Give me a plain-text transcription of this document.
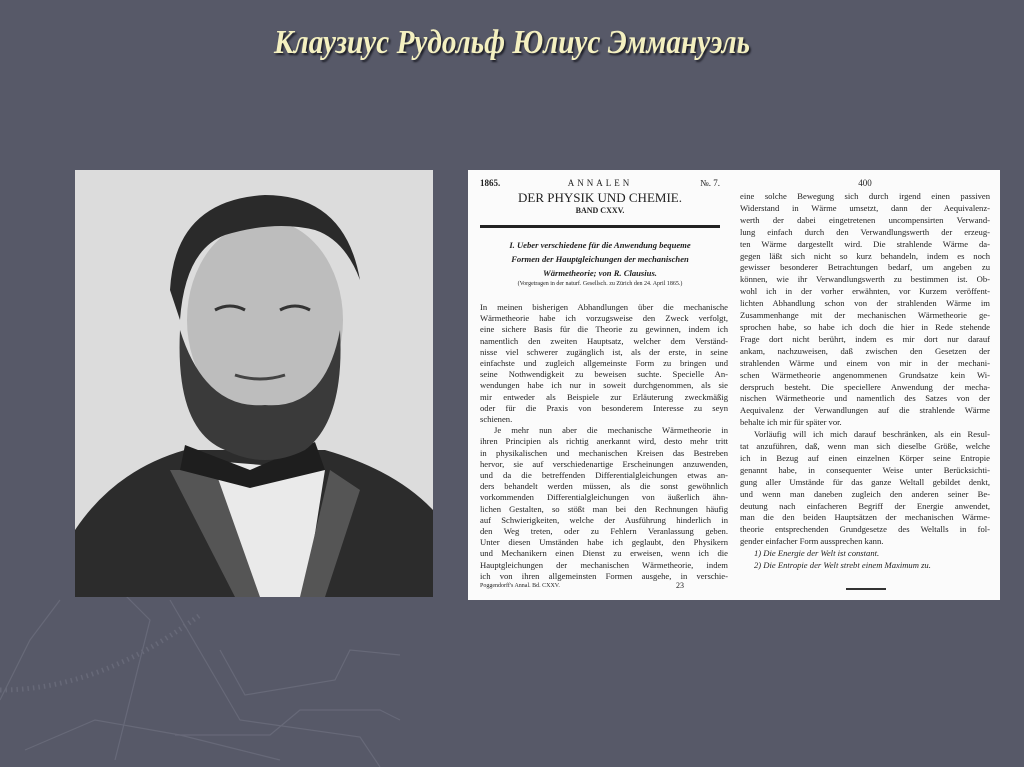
Клаузиус Рудольф Юлиус Эммануэль
1865.	ANNALEN	№. 7.
DER PHYSIK UND CHEMIE.
BAND CXXV.
I. Ueber verschiedene für die Anwendung bequeme
Formen der Hauptgleichungen der mechanischen
Wärmetheorie; von R. Clausius.
(Vorgetragen in der naturf. Gesellsch. zu Zürich den 24. April 1865.)
In meinen bisherigen Abhandlungen über die mechanische
Wärmetheorie habe ich vorzugsweise den Zweck verfolgt,
eine sichere Basis für die Theorie zu gewinnen, indem ich
namentlich den zweiten Hauptsatz, welcher dem Verständ-
nisse viel schwerer zugänglich ist, als der erste, in seine
einfachste und zugleich allgemeinste Form zu bringen und
seine Nothwendigkeit zu beweisen suchte. Specielle An-
wendungen habe ich nur in soweit durchgenommen, als sie
mir entweder als Beispiele zur Erläuterung zweckmäßig
oder für die Praxis von besonderem Interesse zu seyn
schienen.
Je mehr nun aber die mechanische Wärmetheorie in
ihren Principien als richtig anerkannt wird, desto mehr tritt
in physikalischen und mechanischen Kreisen das Bestreben
hervor, sie auf verschiedenartige Erscheinungen anzuwenden,
und da die betreffenden Differentialgleichungen etwas an-
ders behandelt werden müssen, als die sonst gewöhnlich
vorkommenden Differentialgleichungen von äußerlich ähn-
lichen Gestalten, so stößt man bei den Rechnungen häufig
auf Schwierigkeiten, welche der Ausführung hinderlich in
den Weg treten, oder zu Fehlern Veranlassung geben.
Unter diesen Umständen habe ich geglaubt, den Physikern
und Mechanikern einen Dienst zu erweisen, wenn ich die
Hauptgleichungen der mechanischen Wärmetheorie, indem
ich von ihren allgemeinsten Formen ausgehe, in verschie-
Poggendorff's Annal. Bd. CXXV.	23
400
eine solche Bewegung sich durch irgend einen passiven
Widerstand in Wärme umsetzt, dann der Aequivalenz-
werth der dabei eingetretenen uncompensirten Verwand-
lung einfach durch den Verwandlungswerth der erzeug-
ten Wärme dargestellt wird. Die strahlende Wärme da-
gegen läßt sich nicht so kurz behandeln, indem es noch
gewisser besonderer Betrachtungen bedarf, um angeben zu
können, wie ihr Verwandlungswerth zu bestimmen ist. Ob-
wohl ich in der vorher erwähnten, vor Kurzem veröffent-
lichten Abhandlung schon von der strahlenden Wärme im
Zusammenhange mit der mechanischen Wärmetheorie ge-
sprochen habe, so habe ich doch die hier in Rede stehende
Frage dort nicht berührt, indem es mir dort nur darauf
ankam, nachzuweisen, daß zwischen den Gesetzen der
strahlenden Wärme und einem von mir in der mechani-
schen Wärmetheorie angenommenen Grundsatze kein Wi-
derspruch besteht. Die speciellere Anwendung der mecha-
nischen Wärmetheorie und namentlich des Satzes von der
Aequivalenz der Verwandlungen auf die strahlende Wärme
behalte ich mir für später vor.
Vorläufig will ich mich darauf beschränken, als ein Resul-
tat anzuführen, daß, wenn man sich dieselbe Größe, welche
ich in Bezug auf einen einzelnen Körper seine Entropie
genannt habe, in consequenter Weise unter Berücksichti-
gung aller Umstände für das ganze Weltall gebildet denkt,
und wenn man daneben zugleich den anderen seiner Be-
deutung nach einfacheren Begriff der Energie anwendet,
man die den beiden Hauptsätzen der mechanischen Wärme-
theorie entsprechenden Grundgesetze des Weltalls in fol-
gender einfacher Form aussprechen kann.
1) Die Energie der Welt ist constant.
2) Die Entropie der Welt strebt einem Maximum zu.
